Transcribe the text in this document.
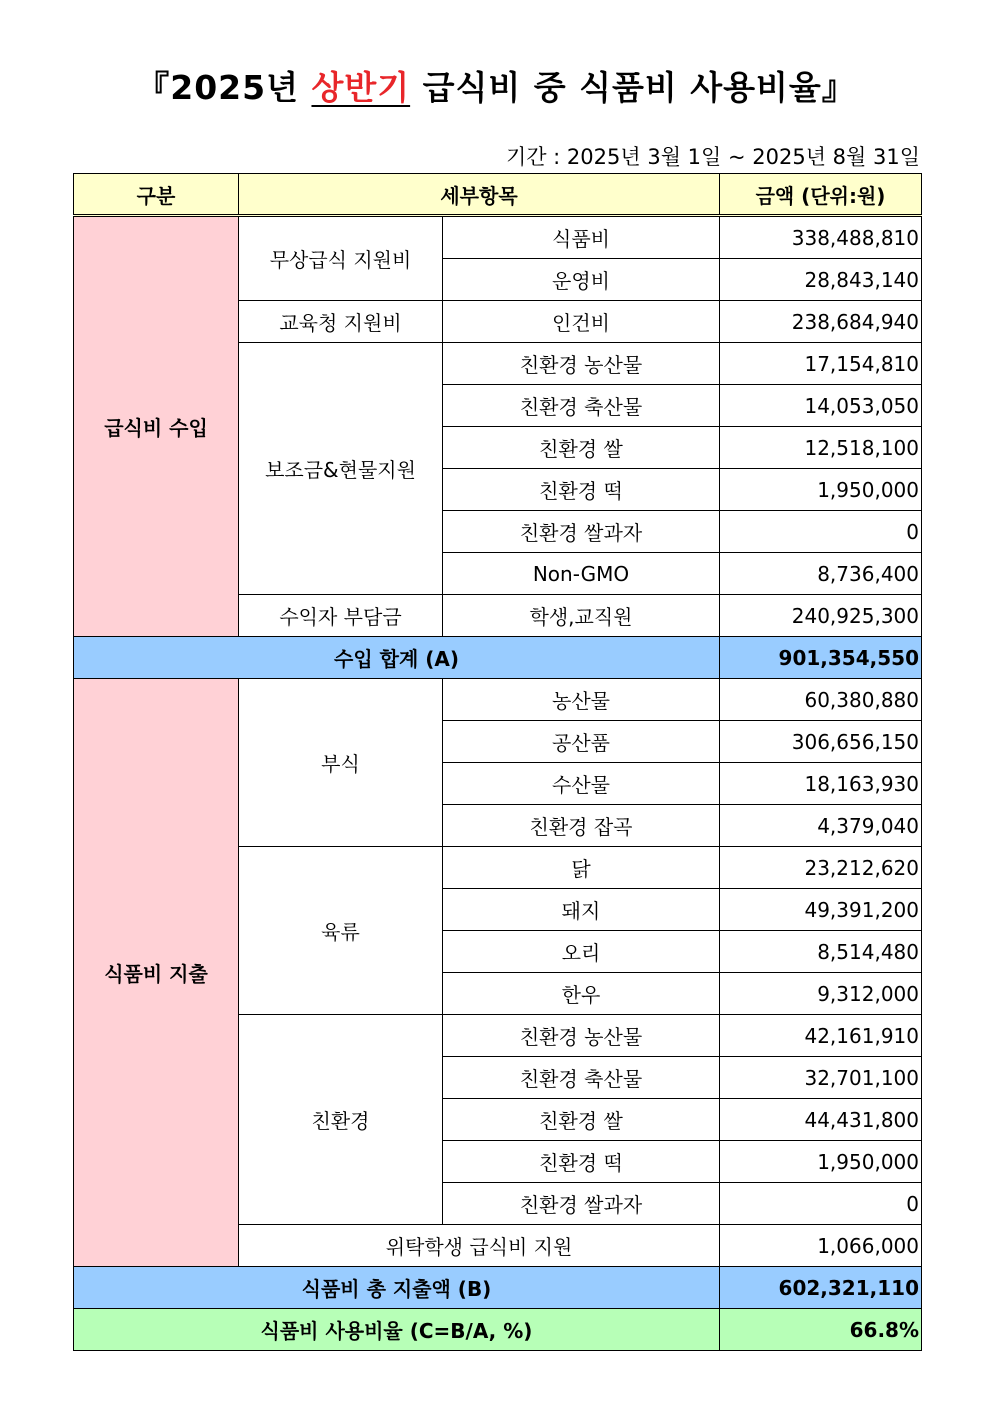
『2025년 상반기 급식비 중 식품비 사용비율』
기간 : 2025년 3월 1일 ~ 2025년 8월 31일
구분	세부항목		금액 (단위:원)
급식비 수입	무상급식 지원비	식품비	338,488,810
		운영비	28,843,140
	교육청 지원비	인건비	238,684,940
	보조금&현물지원	친환경 농산물	17,154,810
		친환경 축산물	14,053,050
		친환경 쌀	12,518,100
		친환경 떡	1,950,000
		친환경 쌀과자	0
		Non-GMO	8,736,400
	수익자 부담금	학생,교직원	240,925,300
수입 합계 (A)			901,354,550
식품비 지출	부식	농산물	60,380,880
		공산품	306,656,150
		수산물	18,163,930
		친환경 잡곡	4,379,040
	육류	닭	23,212,620
		돼지	49,391,200
		오리	8,514,480
		한우	9,312,000
	친환경	친환경 농산물	42,161,910
		친환경 축산물	32,701,100
		친환경 쌀	44,431,800
		친환경 떡	1,950,000
		친환경 쌀과자	0
	위탁학생 급식비 지원		1,066,000
식품비 총 지출액 (B)			602,321,110
식품비 사용비율 (C=B/A, %)			66.8%
